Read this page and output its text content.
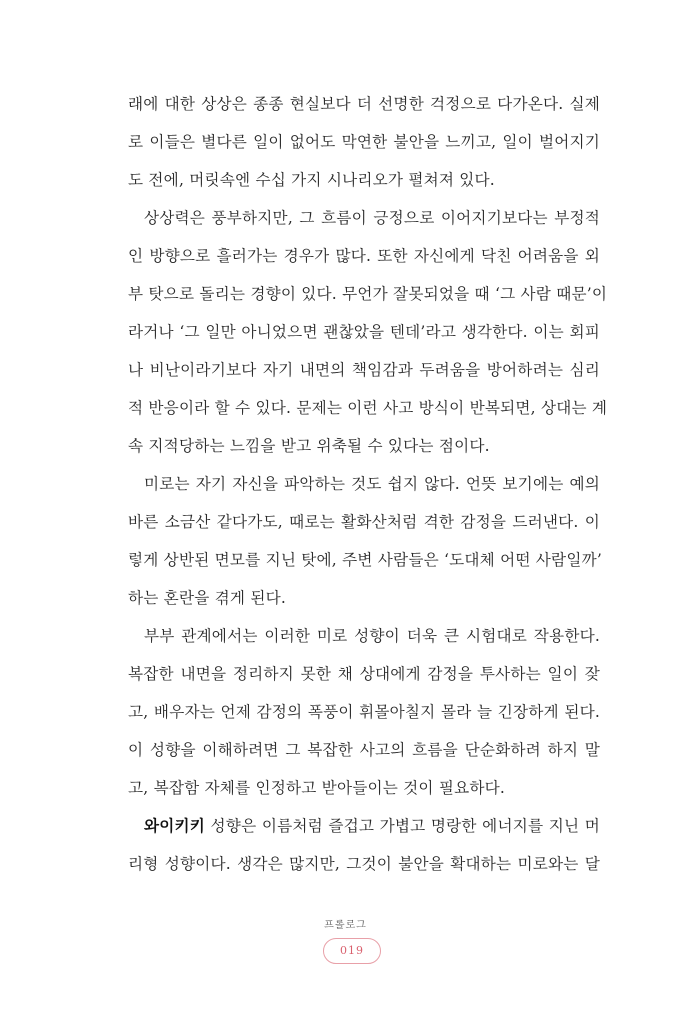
래에 대한 상상은 종종 현실보다 더 선명한 걱정으로 다가온다. 실제
로 이들은 별다른 일이 없어도 막연한 불안을 느끼고, 일이 벌어지기
도 전에, 머릿속엔 수십 가지 시나리오가 펼쳐져 있다.
상상력은 풍부하지만, 그 흐름이 긍정으로 이어지기보다는 부정적
인 방향으로 흘러가는 경우가 많다. 또한 자신에게 닥친 어려움을 외
부 탓으로 돌리는 경향이 있다. 무언가 잘못되었을 때 ‘그 사람 때문’이
라거나 ‘그 일만 아니었으면 괜찮았을 텐데’라고 생각한다. 이는 회피
나 비난이라기보다 자기 내면의 책임감과 두려움을 방어하려는 심리
적 반응이라 할 수 있다. 문제는 이런 사고 방식이 반복되면, 상대는 계
속 지적당하는 느낌을 받고 위축될 수 있다는 점이다.
미로는 자기 자신을 파악하는 것도 쉽지 않다. 언뜻 보기에는 예의
바른 소금산 같다가도, 때로는 활화산처럼 격한 감정을 드러낸다. 이
렇게 상반된 면모를 지닌 탓에, 주변 사람들은 ‘도대체 어떤 사람일까’
하는 혼란을 겪게 된다.
부부 관계에서는 이러한 미로 성향이 더욱 큰 시험대로 작용한다.
복잡한 내면을 정리하지 못한 채 상대에게 감정을 투사하는 일이 잦
고, 배우자는 언제 감정의 폭풍이 휘몰아칠지 몰라 늘 긴장하게 된다.
이 성향을 이해하려면 그 복잡한 사고의 흐름을 단순화하려 하지 말
고, 복잡함 자체를 인정하고 받아들이는 것이 필요하다.
와이키키 성향은 이름처럼 즐겁고 가볍고 명랑한 에너지를 지닌 머
리형 성향이다. 생각은 많지만, 그것이 불안을 확대하는 미로와는 달
프롤로그
019
